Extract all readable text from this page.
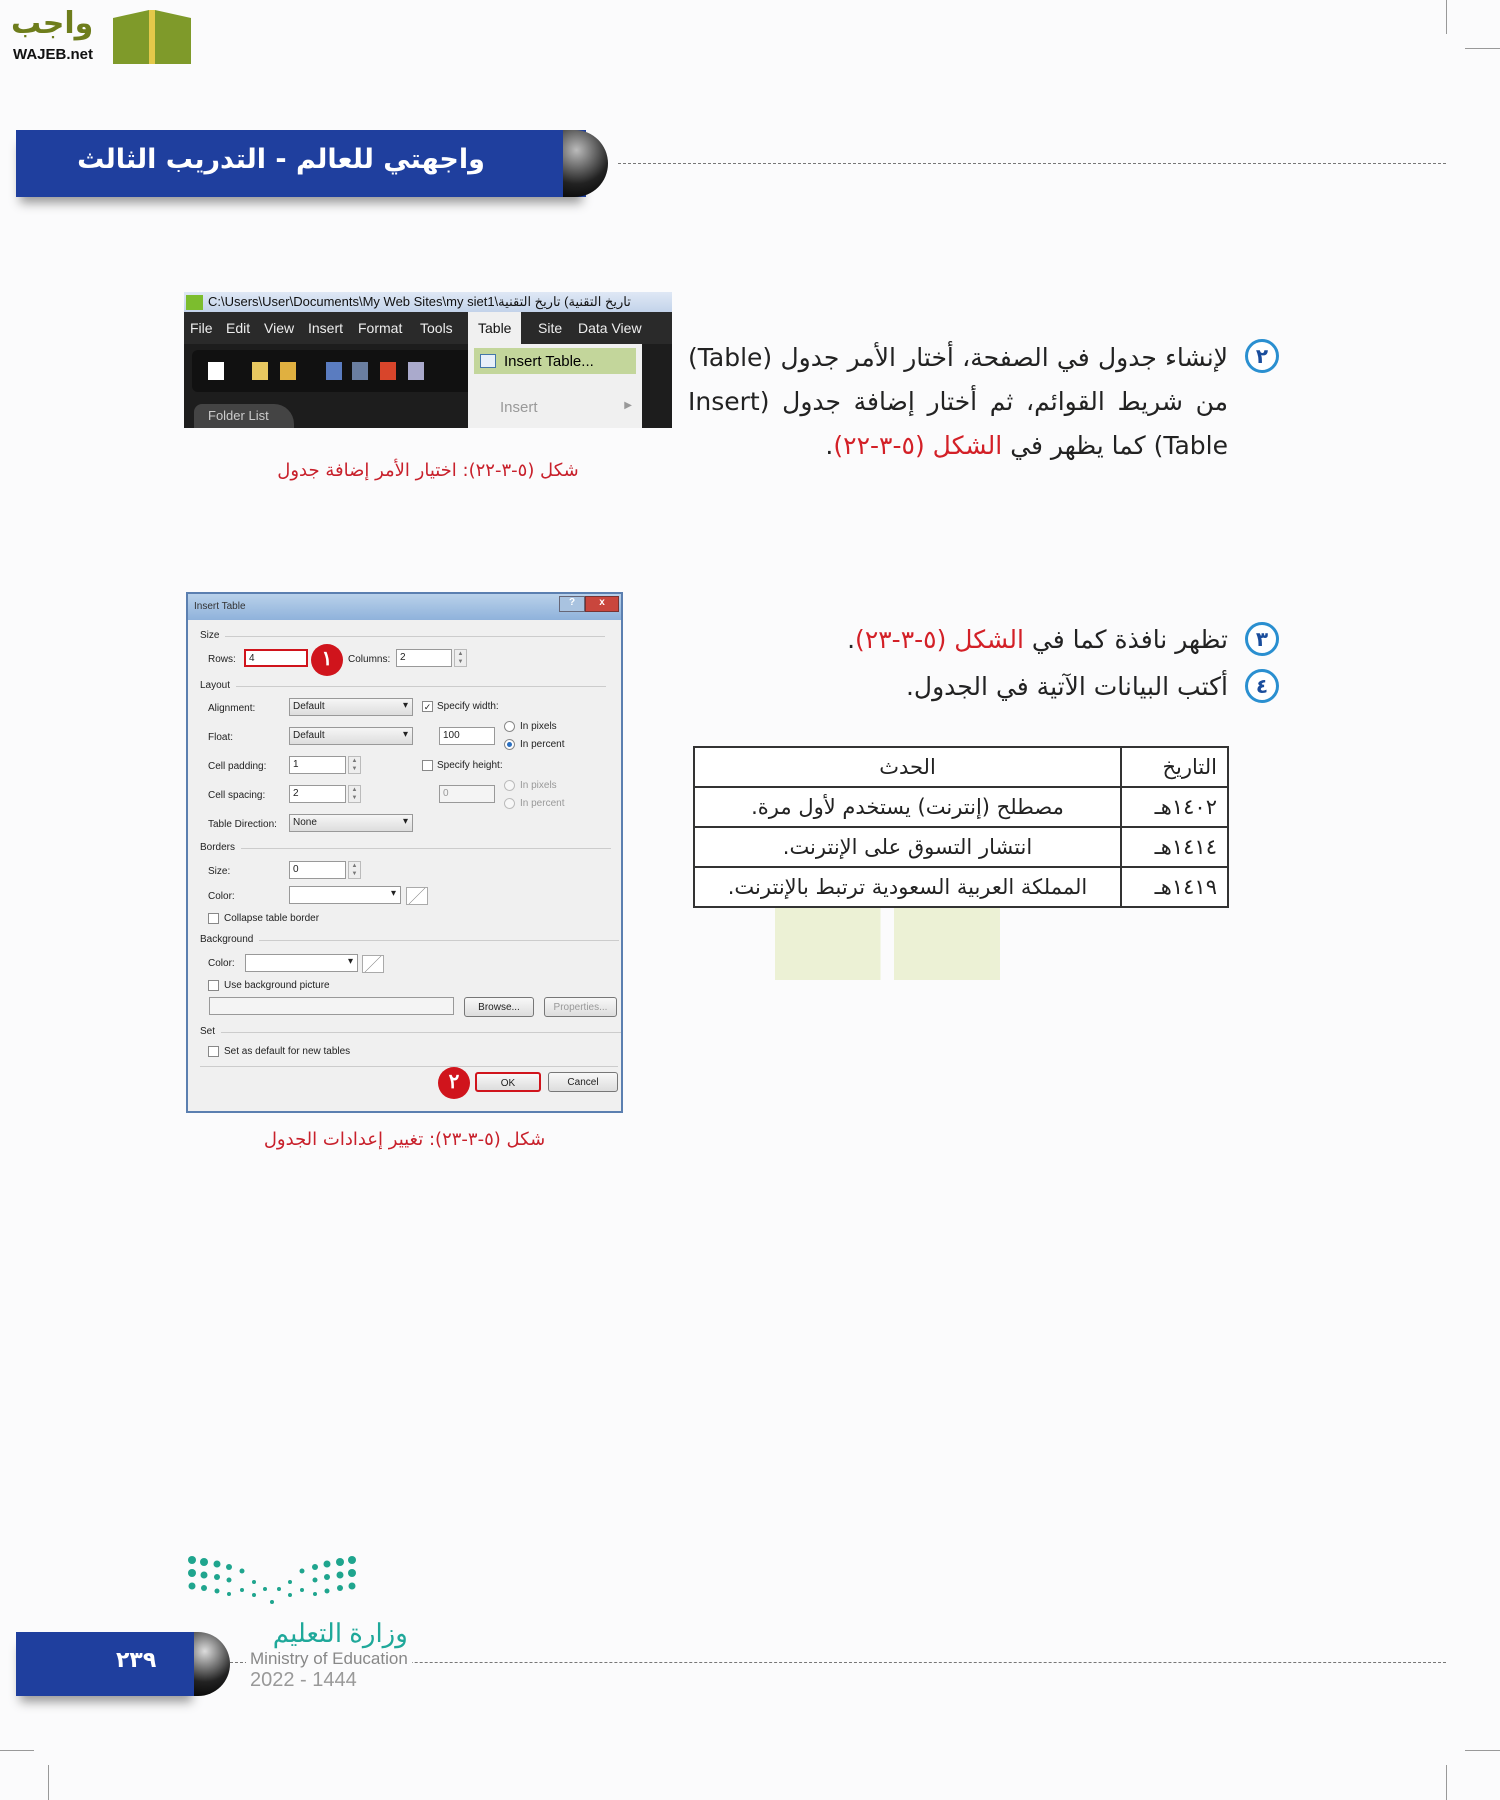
واجب
WAJEB.net
واجهتي للعالم - التدريب الثالث
C:\Users\User\Documents\My Web Sites\my siet1\تاريخ التقنية) تاريخ التقنية
File Edit View Insert Format Tools	Table	Site Data View
Insert Table...
Insert	▶
Folder List
شكل (٥-٣-٢٢): اختيار الأمر إضافة جدول
٢
لإنشاء جدول في الصفحة، أختار الأمر جدول (Table) من شريط القوائم، ثم أختار إضافة جدول (Insert Table) كما يظهر في الشكل (٥-٣-٢٢).
٣
تظهر نافذة كما في الشكل (٥-٣-٢٣).
٤
أكتب البيانات الآتية في الجدول.
Insert Table	?	x
Size
Rows:	4	١	Columns: 2	▲
▼
Layout
Alignment:	Default ▾	✓ Specify width:
Float:	Default ▾	100
In pixels
In percent
Cell padding:	1	▲
▼	Specify height:
Cell spacing:	2	▲
▼	0
In pixels
In percent
Table Direction:	None ▾
Borders
Size:	0	▲
▼
Color:
▾
Collapse table border
Background
Color:
▾
Use background picture
Browse...	Properties...
Set
Set as default for new tables
OK	Cancel
٢
شكل (٥-٣-٢٣): تغيير إعدادات الجدول
التاريخ	الحدث
١٤٠٢هـ	مصطلح (إنترنت) يستخدم لأول مرة.
١٤١٤هـ	انتشار التسوق على الإنترنت.
١٤١٩هـ	المملكة العربية السعودية ترتبط بالإنترنت.
٢٣٩
وزارة التعليم
Ministry of Education
2022 - 1444
